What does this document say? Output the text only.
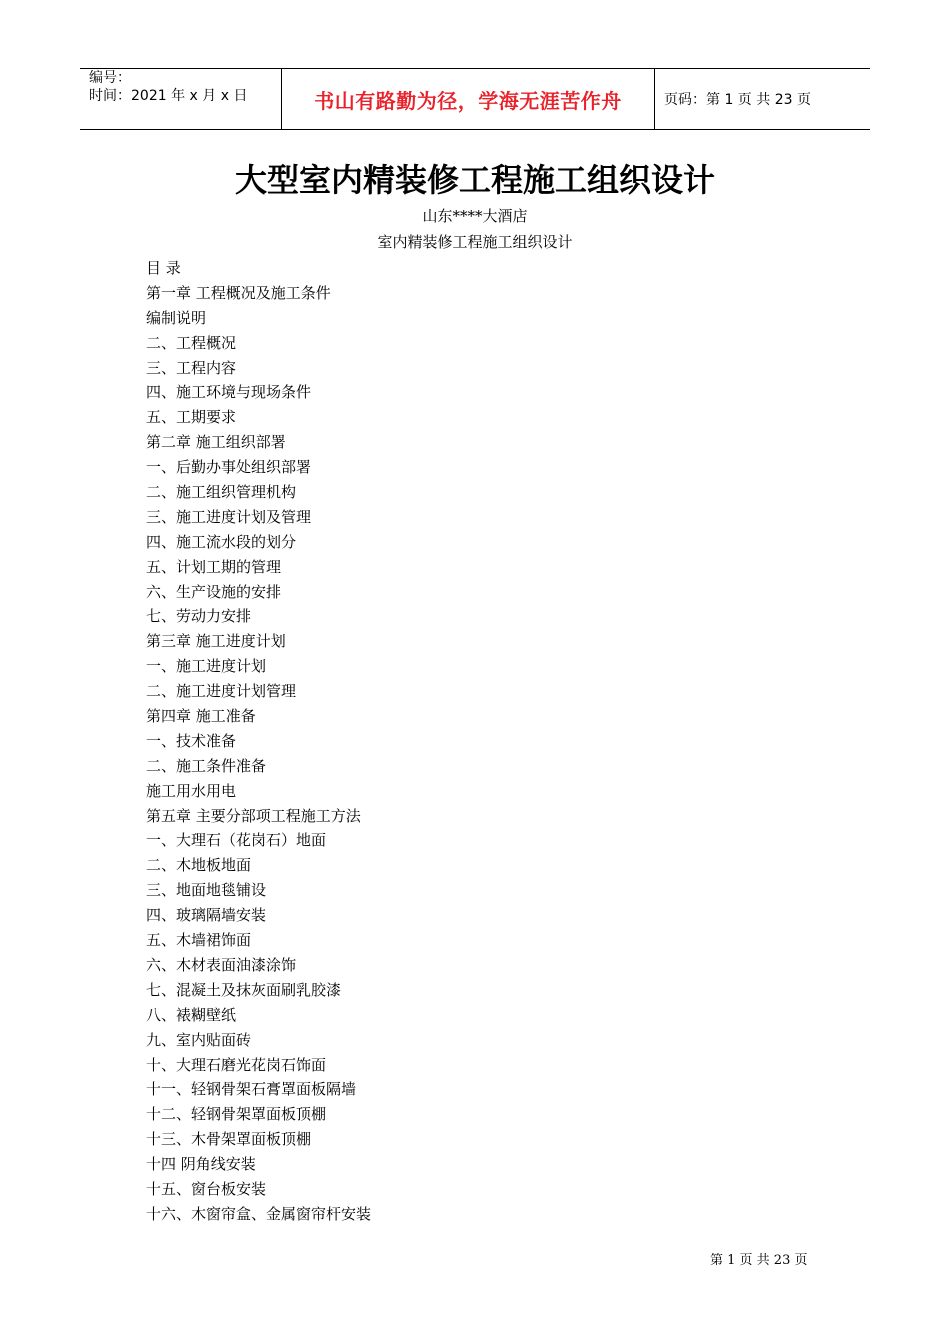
编号：
时间：2021 年 x 月 x 日	书山有路勤为径，学海无涯苦作舟	页码：第 1 页 共 23 页
大型室内精装修工程施工组织设计
山东****大酒店
室内精装修工程施工组织设计
目 录
第一章 工程概况及施工条件
编制说明
二、工程概况
三、工程内容
四、施工环境与现场条件
五、工期要求
第二章 施工组织部署
一、后勤办事处组织部署
二、施工组织管理机构
三、施工进度计划及管理
四、施工流水段的划分
五、计划工期的管理
六、生产设施的安排
七、劳动力安排
第三章 施工进度计划
一、施工进度计划
二、施工进度计划管理
第四章 施工准备
一、技术准备
二、施工条件准备
施工用水用电
第五章 主要分部项工程施工方法
一、大理石（花岗石）地面
二、木地板地面
三、地面地毯铺设
四、玻璃隔墙安装
五、木墙裙饰面
六、木材表面油漆涂饰
七、混凝土及抹灰面刷乳胶漆
八、裱糊壁纸
九、室内贴面砖
十、大理石磨光花岗石饰面
十一、轻钢骨架石膏罩面板隔墙
十二、轻钢骨架罩面板顶棚
十三、木骨架罩面板顶棚
十四 阴角线安装
十五、窗台板安装
十六、木窗帘盒、金属窗帘杆安装
第 1 页 共 23 页
